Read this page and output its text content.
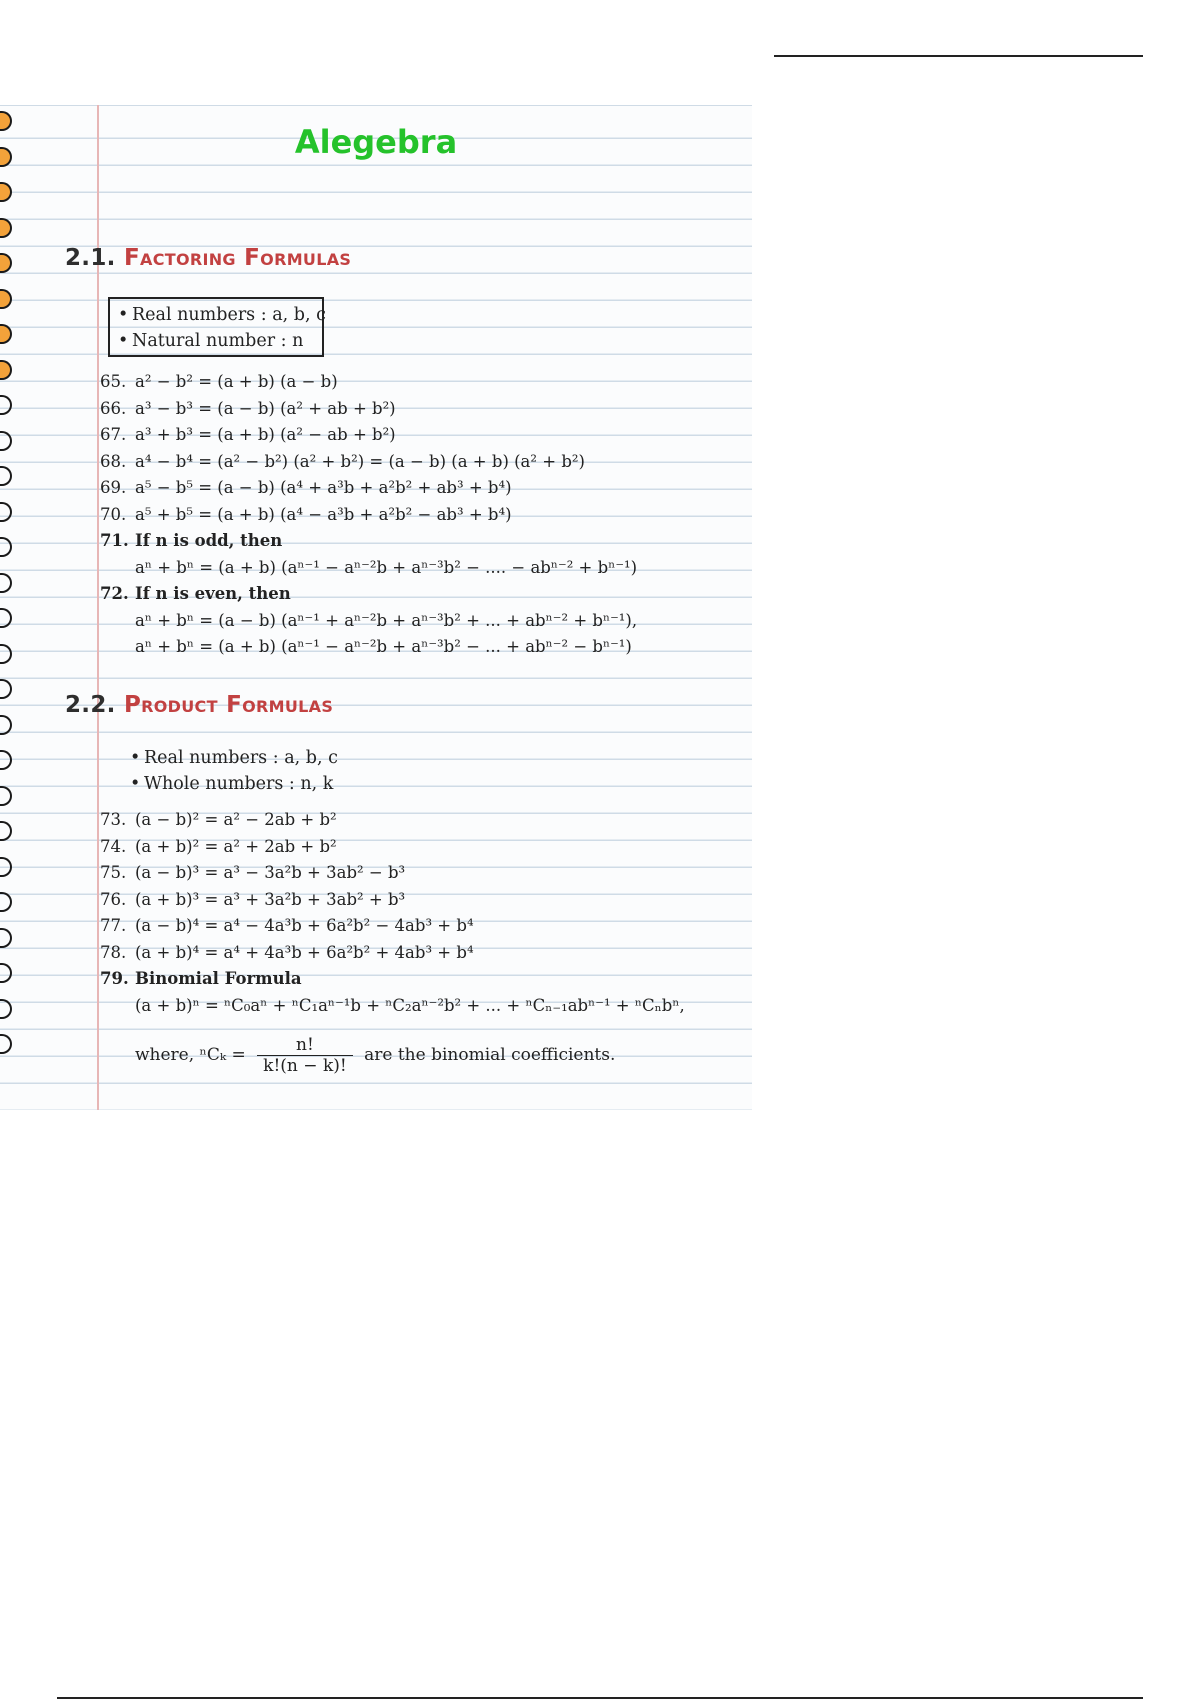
Alegebra
2.1. Factoring Formulas
• Real numbers : a, b, c
• Natural number : n
65. a² − b² = (a + b) (a − b)
66. a³ − b³ = (a − b) (a² + ab + b²)
67. a³ + b³ = (a + b) (a² − ab + b²)
68. a⁴ − b⁴ = (a² − b²) (a² + b²) = (a − b) (a + b) (a² + b²)
69. a⁵ − b⁵ = (a − b) (a⁴ + a³b + a²b² + ab³ + b⁴)
70. a⁵ + b⁵ = (a + b) (a⁴ − a³b + a²b² − ab³ + b⁴)
71. If n is odd, then
aⁿ + bⁿ = (a + b) (aⁿ⁻¹ − aⁿ⁻²b + aⁿ⁻³b² − .... − abⁿ⁻² + bⁿ⁻¹)
72. If n is even, then
aⁿ + bⁿ = (a − b) (aⁿ⁻¹ + aⁿ⁻²b + aⁿ⁻³b² + ... + abⁿ⁻² + bⁿ⁻¹),
aⁿ + bⁿ = (a + b) (aⁿ⁻¹ − aⁿ⁻²b + aⁿ⁻³b² − ... + abⁿ⁻² − bⁿ⁻¹)
2.2. Product Formulas
• Real numbers : a, b, c
• Whole numbers : n, k
73. (a − b)² = a² − 2ab + b²
74. (a + b)² = a² + 2ab + b²
75. (a − b)³ = a³ − 3a²b + 3ab² − b³
76. (a + b)³ = a³ + 3a²b + 3ab² + b³
77. (a − b)⁴ = a⁴ − 4a³b + 6a²b² − 4ab³ + b⁴
78. (a + b)⁴ = a⁴ + 4a³b + 6a²b² + 4ab³ + b⁴
79. Binomial Formula
(a + b)ⁿ = ⁿC₀aⁿ + ⁿC₁aⁿ⁻¹b + ⁿC₂aⁿ⁻²b² + ... + ⁿCₙ₋₁abⁿ⁻¹ + ⁿCₙbⁿ,
where, $^nC_k = \frac{n!}{k!(n - k)!}$ are the binomial coefficients.
